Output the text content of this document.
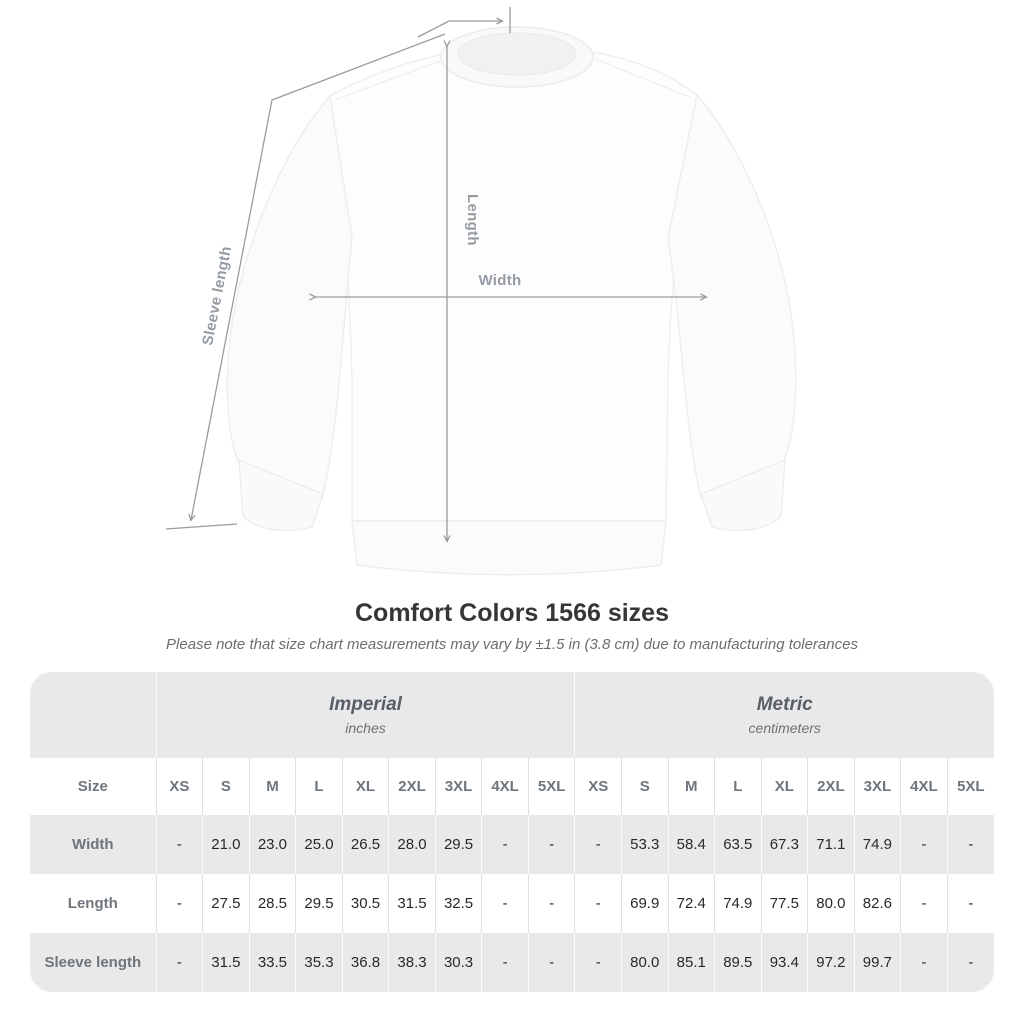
Length
Width
Sleeve length
Comfort Colors 1566 sizes
Please note that size chart measurements may vary by ±1.5 in (3.8 cm) due to manufacturing tolerances

Imperial
inches

Metric
centimeters

Size	XS	S	M	L	XL	2XL	3XL	4XL	5XL	XS	S	M	L	XL	2XL	3XL	4XL	5XL
Width	-	21.0	23.0	25.0	26.5	28.0	29.5	-	-	-	53.3	58.4	63.5	67.3	71.1	74.9	-	-
Length	-	27.5	28.5	29.5	30.5	31.5	32.5	-	-	-	69.9	72.4	74.9	77.5	80.0	82.6	-	-
Sleeve length	-	31.5	33.5	35.3	36.8	38.3	30.3	-	-	-	80.0	85.1	89.5	93.4	97.2	99.7	-	-
